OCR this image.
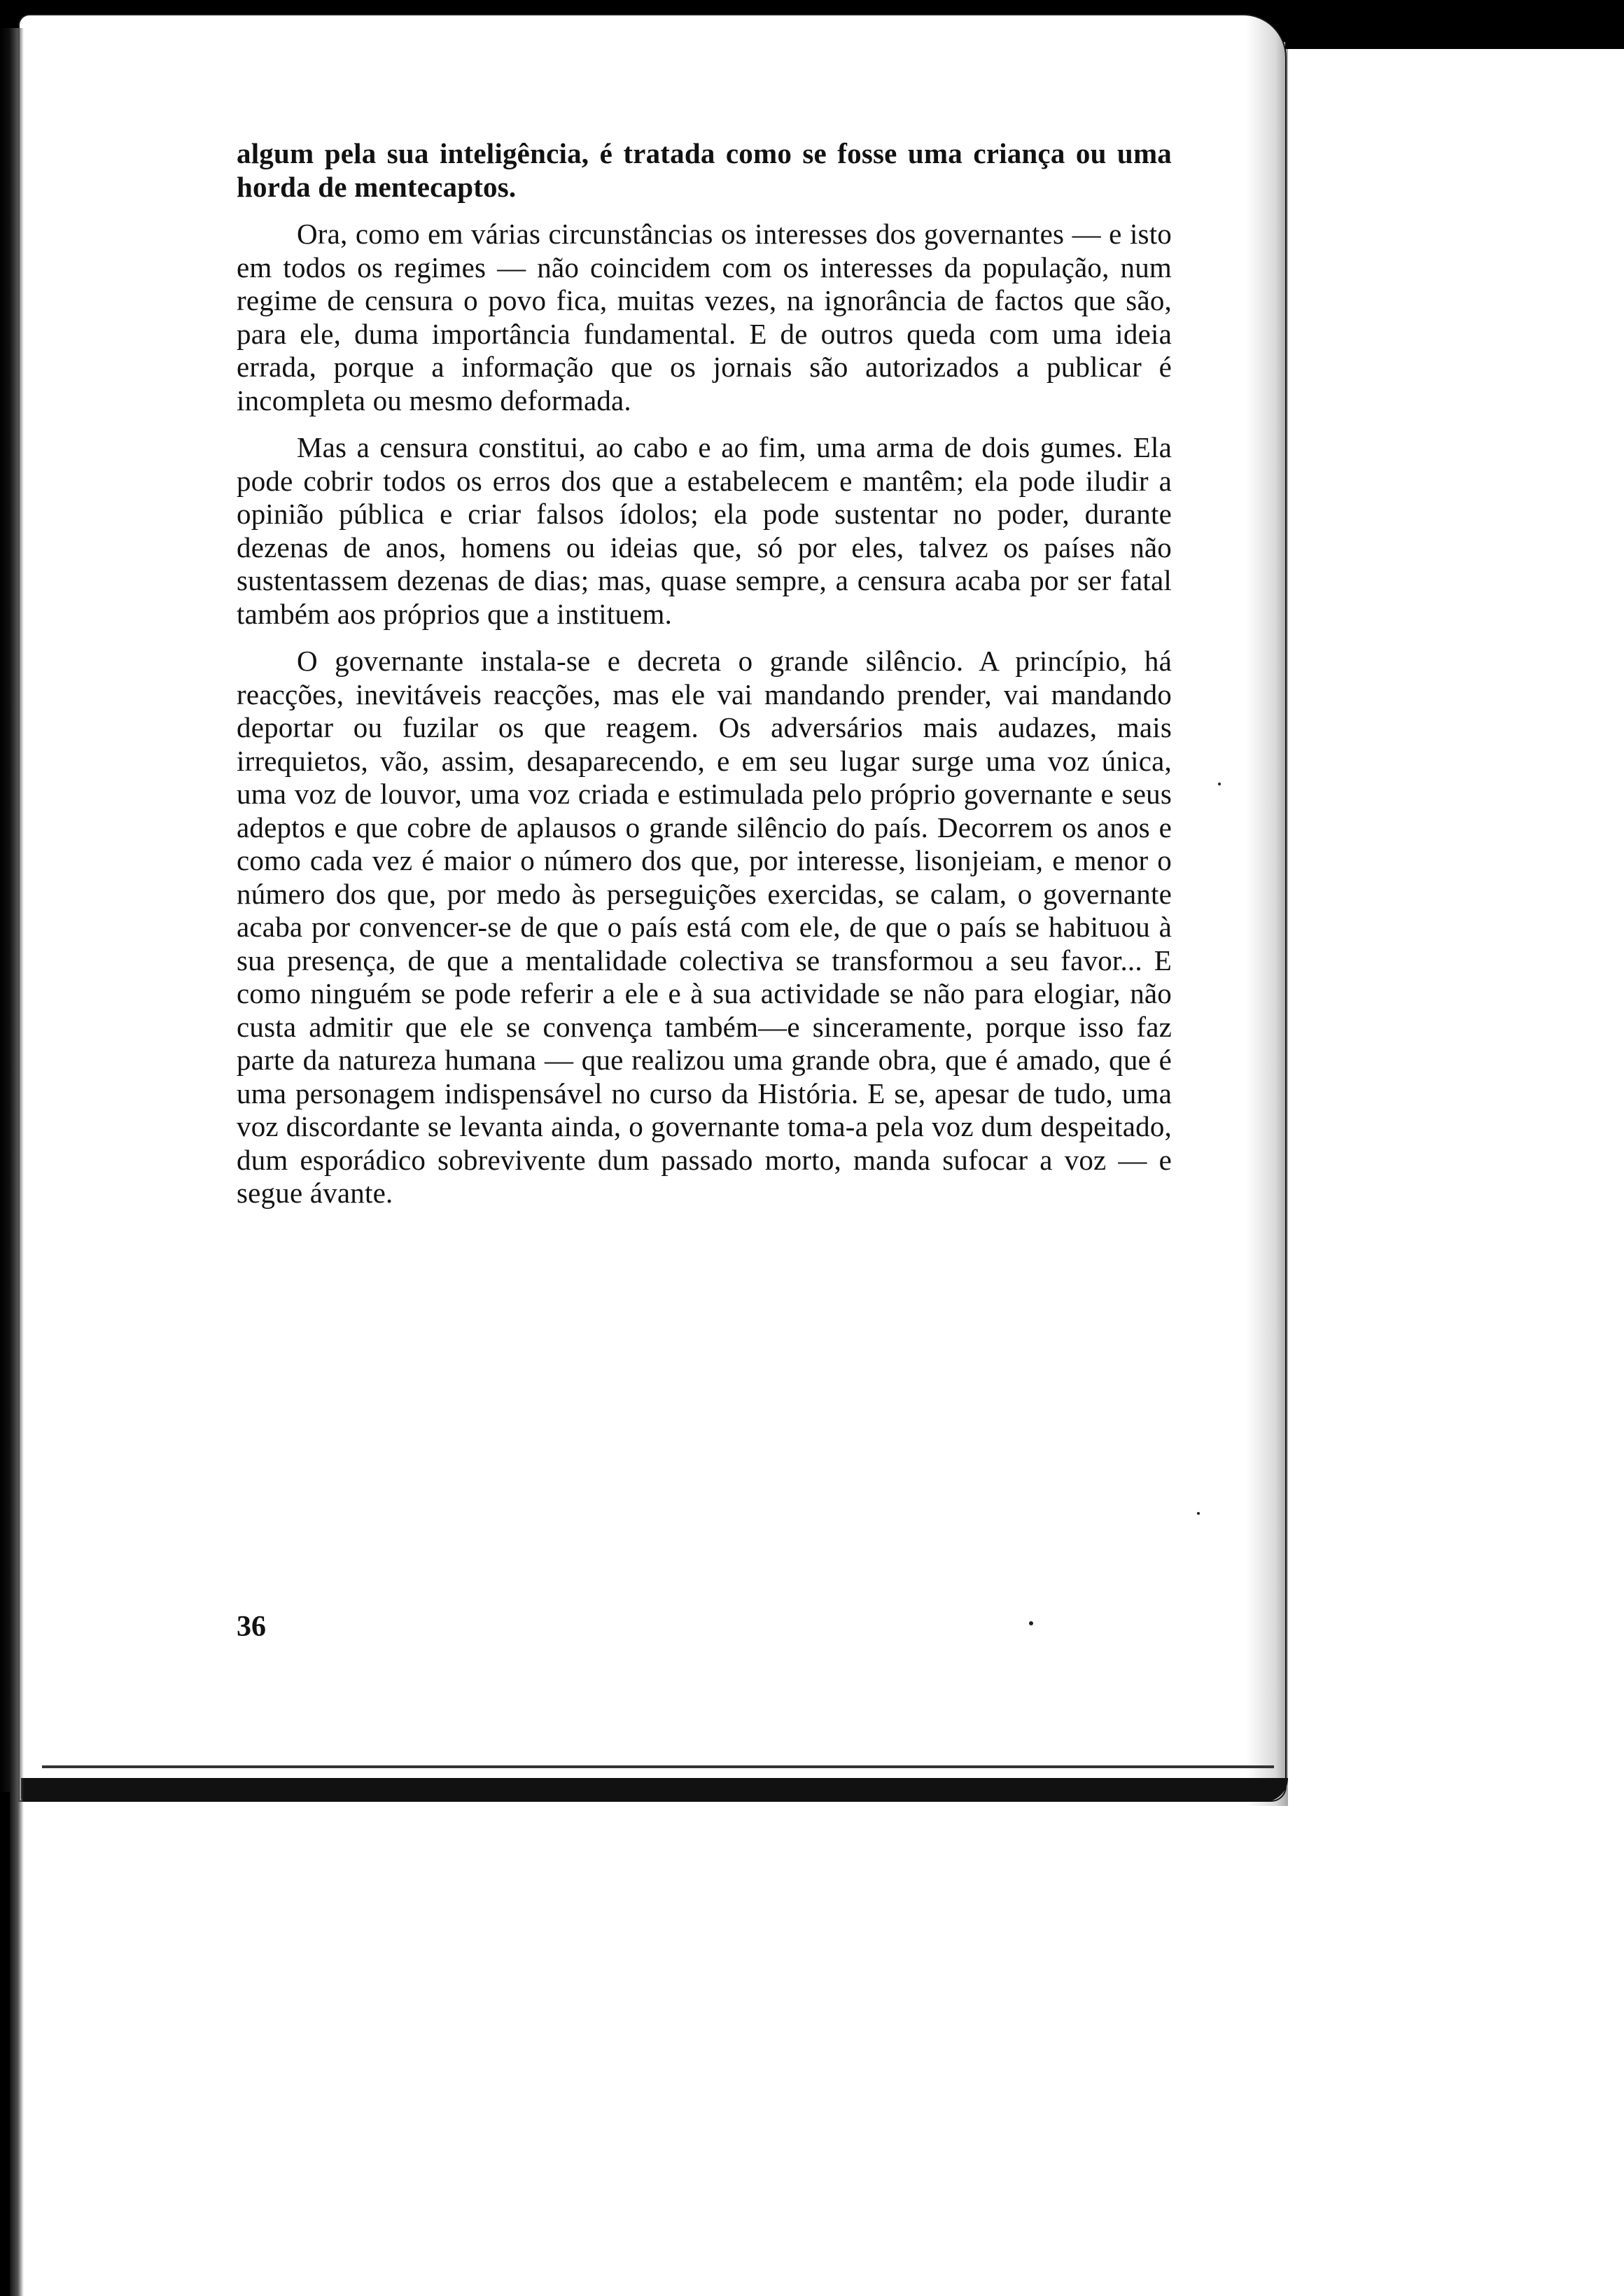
algum pela sua inteligência, é tratada como se fosse uma criança ou uma horda de mentecaptos.

Ora, como em várias circunstâncias os interesses dos governantes — e isto em todos os regimes — não coincidem com os interesses da população, num regime de censura o povo fica, muitas vezes, na ignorância de factos que são, para ele, duma importância fundamental. E de outros queda com uma ideia errada, porque a informação que os jornais são autorizados a publicar é incompleta ou mesmo deformada.

Mas a censura constitui, ao cabo e ao fim, uma arma de dois gumes. Ela pode cobrir todos os erros dos que a estabelecem e mantêm; ela pode iludir a opinião pública e criar falsos ídolos; ela pode sustentar no poder, durante dezenas de anos, homens ou ideias que, só por eles, talvez os países não sustentassem dezenas de dias; mas, quase sempre, a censura acaba por ser fatal também aos próprios que a instituem.

O governante instala-se e decreta o grande silêncio. A princípio, há reacções, inevitáveis reacções, mas ele vai mandando prender, vai mandando deportar ou fuzilar os que reagem. Os adversários mais audazes, mais irrequietos, vão, assim, desaparecendo, e em seu lugar surge uma voz única, uma voz de louvor, uma voz criada e estimulada pelo próprio governante e seus adeptos e que cobre de aplausos o grande silêncio do país. Decorrem os anos e como cada vez é maior o número dos que, por interesse, lisonjeiam, e menor o número dos que, por medo às perseguições exercidas, se calam, o governante acaba por convencer-se de que o país está com ele, de que o país se habituou à sua presença, de que a mentalidade colectiva se transformou a seu favor... E como ninguém se pode referir a ele e à sua actividade se não para elogiar, não custa admitir que ele se convença também—e sinceramente, porque isso faz parte da natureza humana — que realizou uma grande obra, que é amado, que é uma personagem indispensável no curso da História. E se, apesar de tudo, uma voz discordante se levanta ainda, o governante toma-a pela voz dum despeitado, dum esporádico sobrevivente dum passado morto, manda sufocar a voz — e segue ávante.

36
